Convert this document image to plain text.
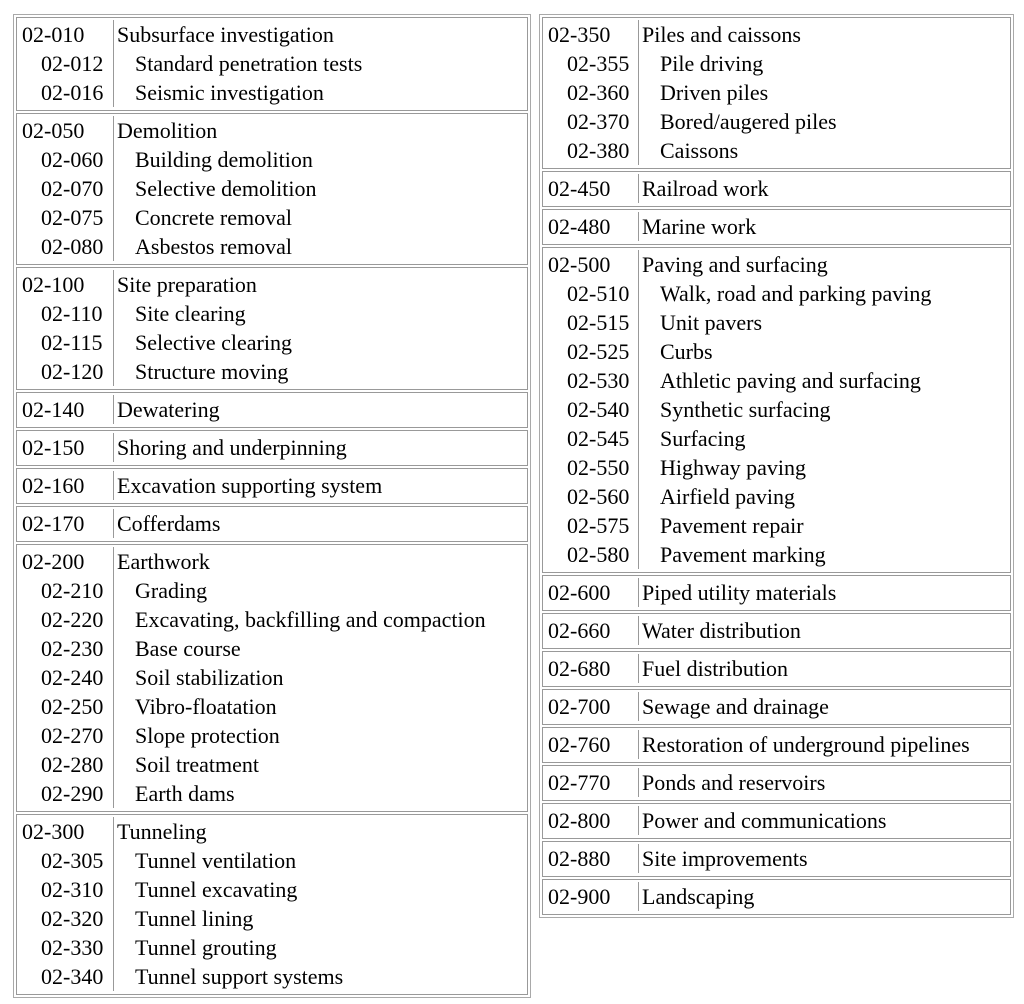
02-010	Subsurface investigation
02-012	Standard penetration tests
02-016	Seismic investigation
02-050	Demolition
02-060	Building demolition
02-070	Selective demolition
02-075	Concrete removal
02-080	Asbestos removal
02-100	Site preparation
02-110	Site clearing
02-115	Selective clearing
02-120	Structure moving
02-140	Dewatering
02-150	Shoring and underpinning
02-160	Excavation supporting system
02-170	Cofferdams
02-200	Earthwork
02-210	Grading
02-220	Excavating, backfilling and compaction
02-230	Base course
02-240	Soil stabilization
02-250	Vibro-floatation
02-270	Slope protection
02-280	Soil treatment
02-290	Earth dams
02-300	Tunneling
02-305	Tunnel ventilation
02-310	Tunnel excavating
02-320	Tunnel lining
02-330	Tunnel grouting
02-340	Tunnel support systems
02-350	Piles and caissons
02-355	Pile driving
02-360	Driven piles
02-370	Bored/augered piles
02-380	Caissons
02-450	Railroad work
02-480	Marine work
02-500	Paving and surfacing
02-510	Walk, road and parking paving
02-515	Unit pavers
02-525	Curbs
02-530	Athletic paving and surfacing
02-540	Synthetic surfacing
02-545	Surfacing
02-550	Highway paving
02-560	Airfield paving
02-575	Pavement repair
02-580	Pavement marking
02-600	Piped utility materials
02-660	Water distribution
02-680	Fuel distribution
02-700	Sewage and drainage
02-760	Restoration of underground pipelines
02-770	Ponds and reservoirs
02-800	Power and communications
02-880	Site improvements
02-900	Landscaping
